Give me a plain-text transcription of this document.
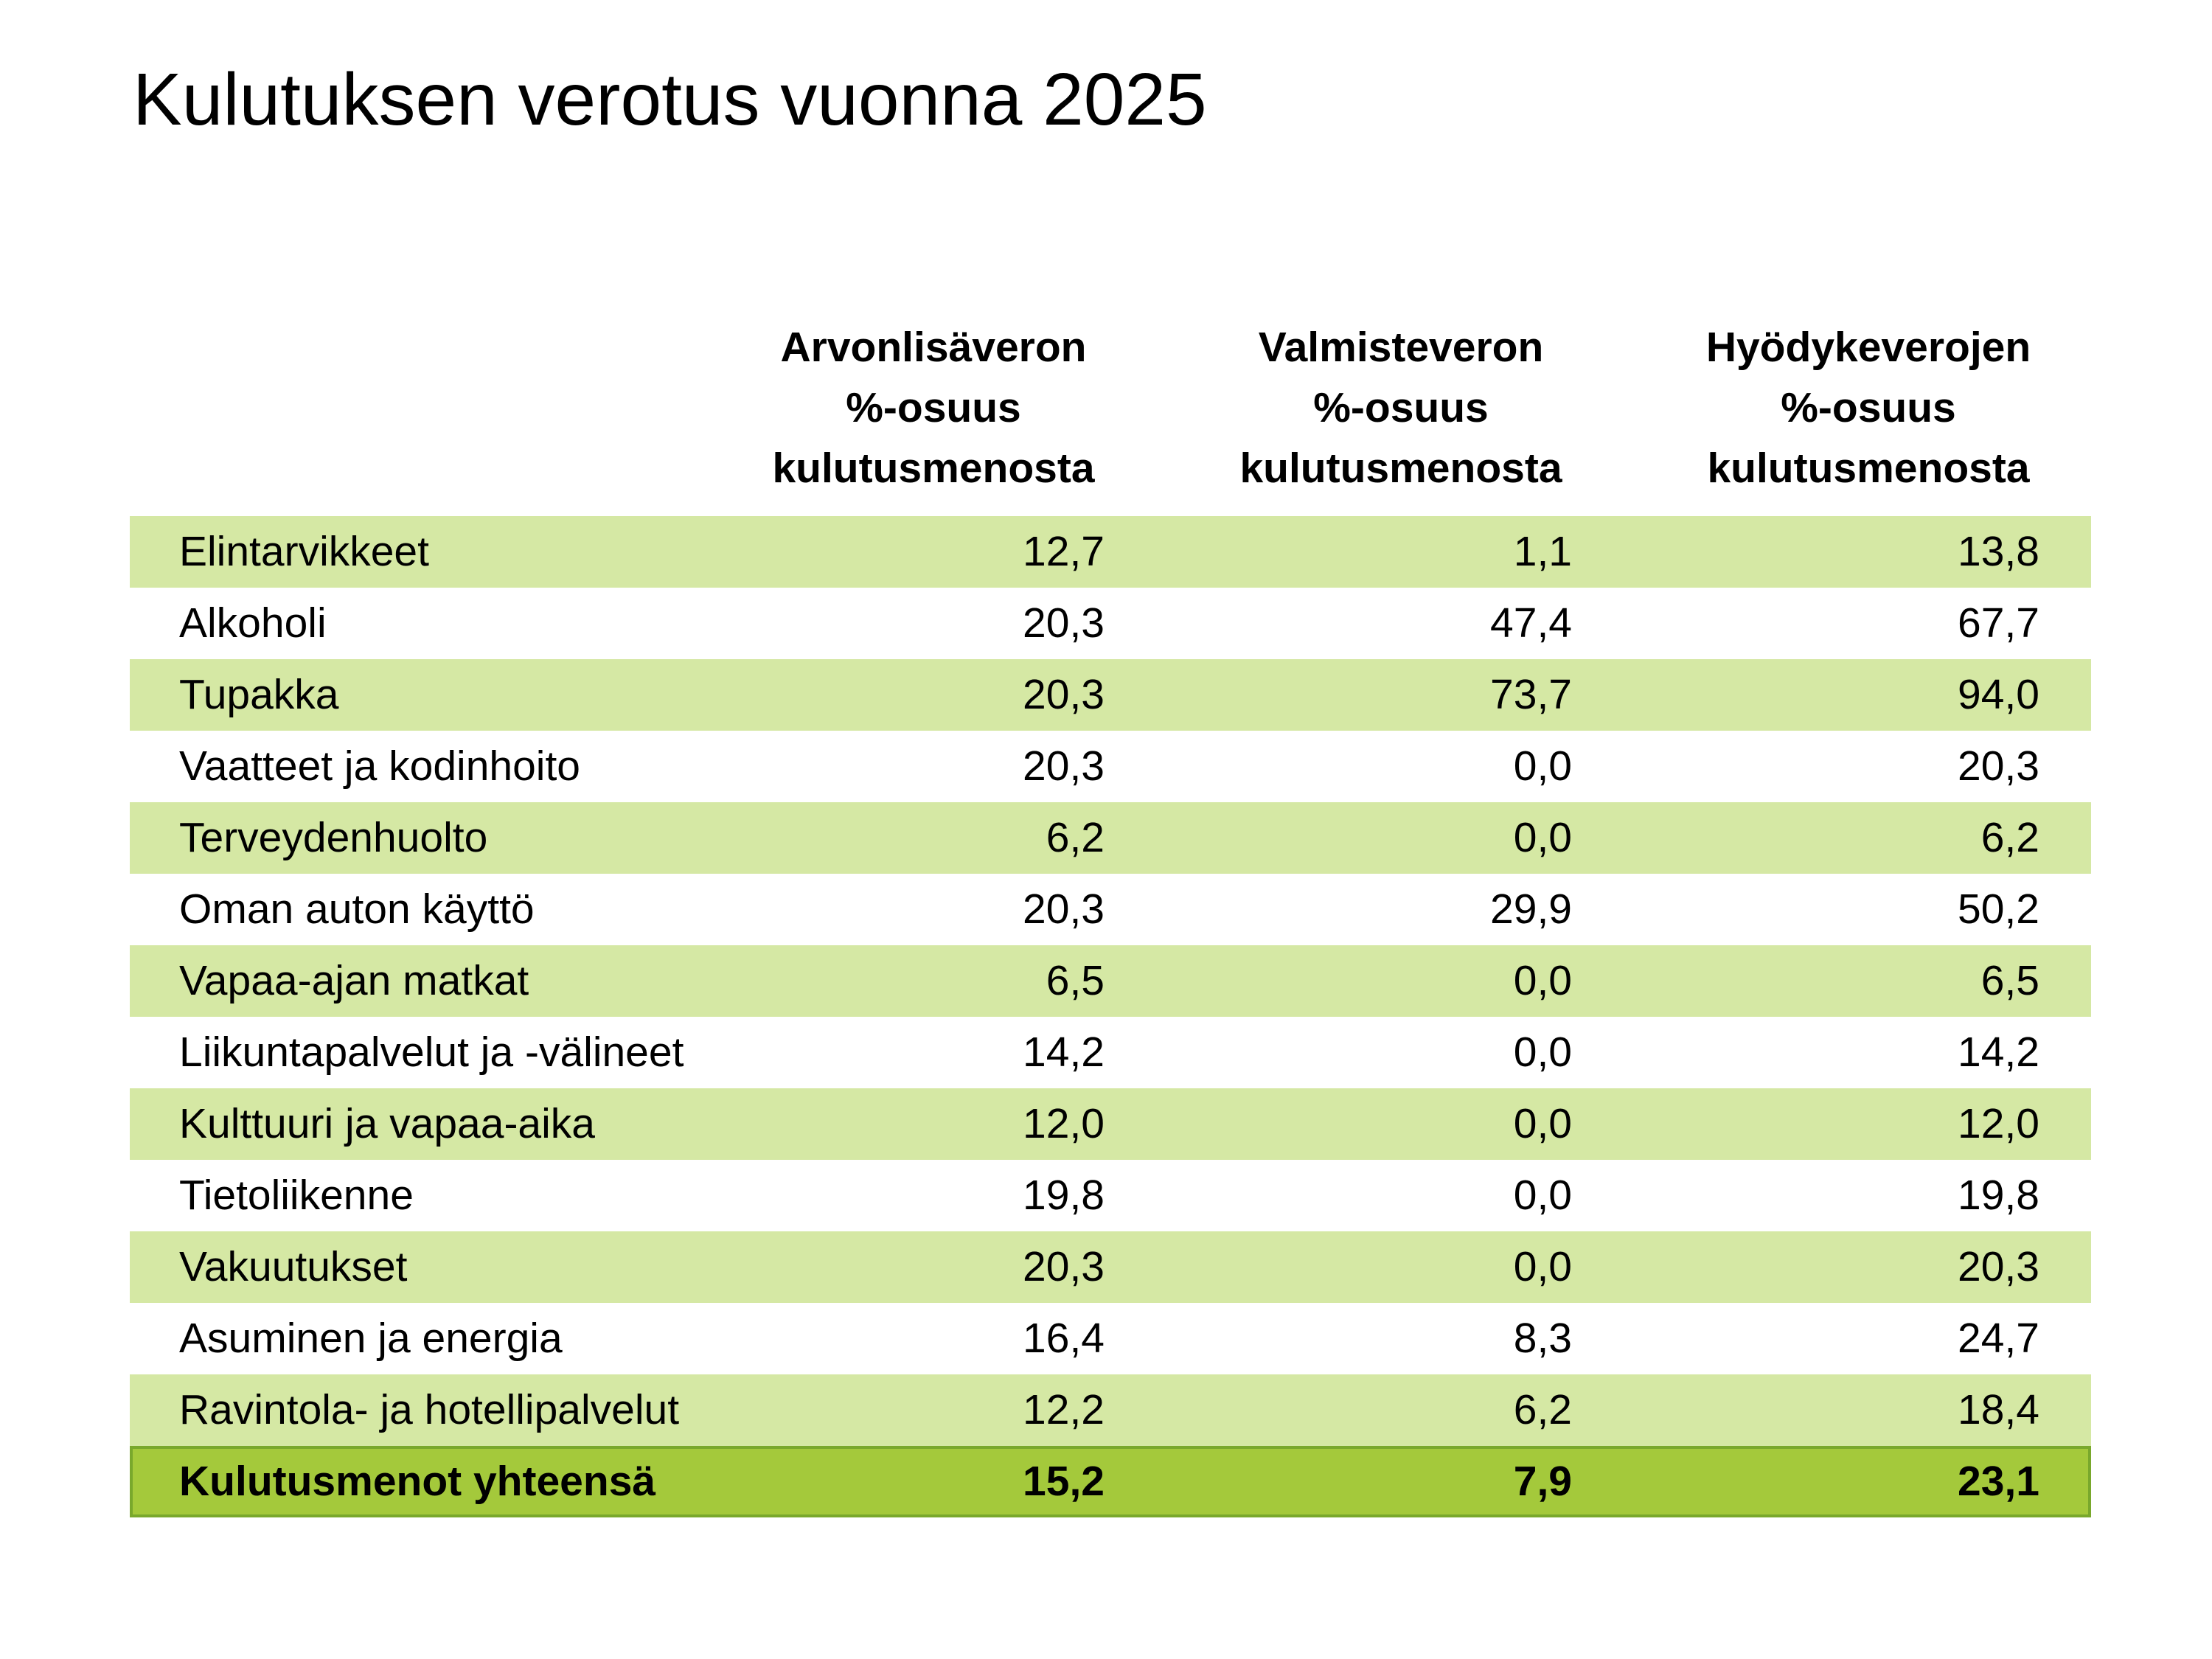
Kulutuksen verotus vuonna 2025
Arvonlisäveron
%-osuus
kulutusmenosta
Valmisteveron
%-osuus
kulutusmenosta
Hyödykeverojen
%-osuus
kulutusmenosta
Elintarvikkeet	12,7	1,1	13,8
Alkoholi	20,3	47,4	67,7
Tupakka	20,3	73,7	94,0
Vaatteet ja kodinhoito	20,3	0,0	20,3
Terveydenhuolto	6,2	0,0	6,2
Oman auton käyttö	20,3	29,9	50,2
Vapaa-ajan matkat	6,5	0,0	6,5
Liikuntapalvelut ja -välineet	14,2	0,0	14,2
Kulttuuri ja vapaa-aika	12,0	0,0	12,0
Tietoliikenne	19,8	0,0	19,8
Vakuutukset	20,3	0,0	20,3
Asuminen ja energia	16,4	8,3	24,7
Ravintola- ja hotellipalvelut	12,2	6,2	18,4
Kulutusmenot yhteensä	15,2	7,9	23,1
